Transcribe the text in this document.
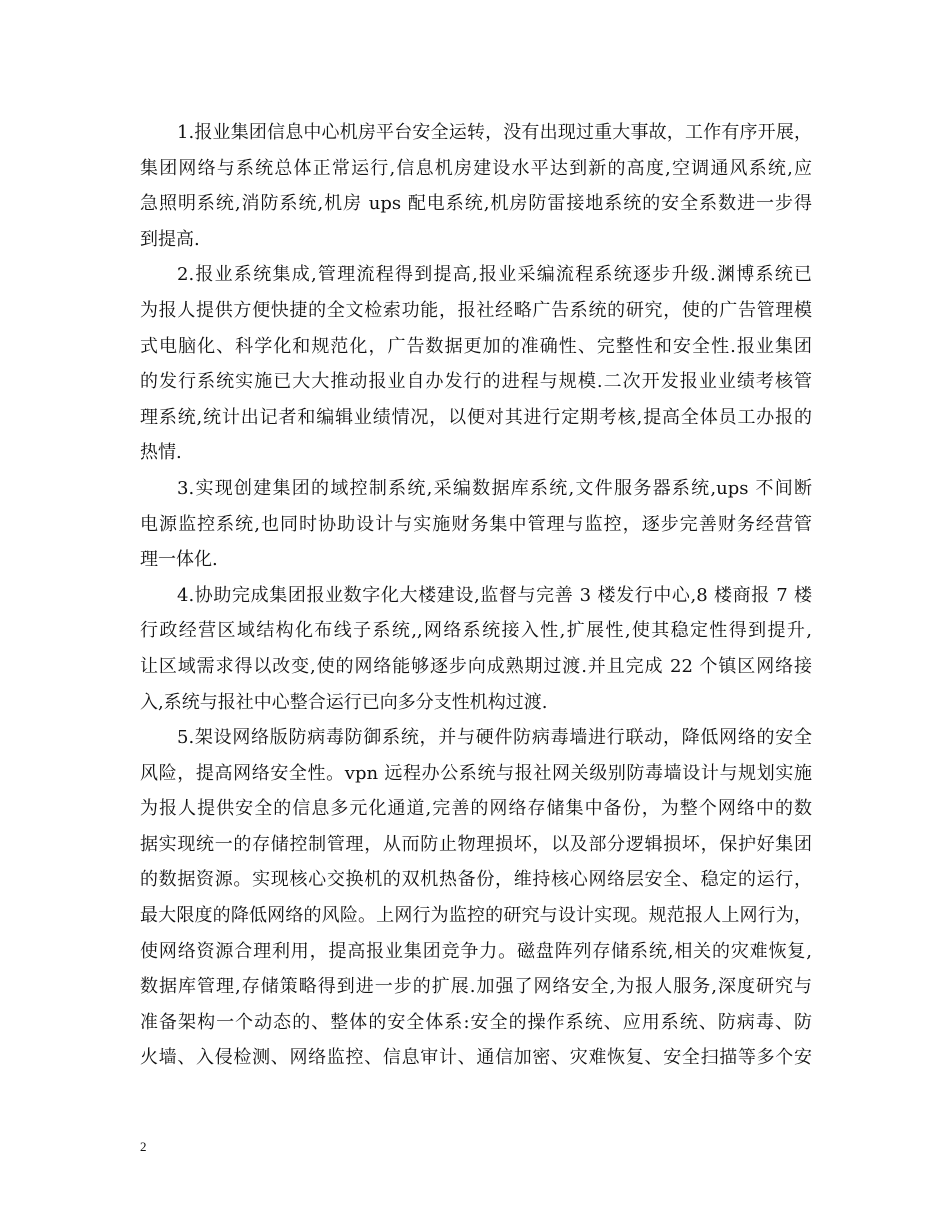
1.报业集团信息中心机房平台安全运转，没有出现过重大事故，工作有序开展，
集团网络与系统总体正常运行,信息机房建设水平达到新的高度,空调通风系统,应
急照明系统,消防系统,机房 ups 配电系统,机房防雷接地系统的安全系数进一步得
到提高.
2.报业系统集成,管理流程得到提高,报业采编流程系统逐步升级.渊博系统已
为报人提供方便快捷的全文检索功能，报社经略广告系统的研究，使的广告管理模
式电脑化、科学化和规范化，广告数据更加的准确性、完整性和安全性.报业集团
的发行系统实施已大大推动报业自办发行的进程与规模.二次开发报业业绩考核管
理系统,统计出记者和编辑业绩情况，以便对其进行定期考核,提高全体员工办报的
热情.
3.实现创建集团的域控制系统,采编数据库系统,文件服务器系统,ups 不间断
电源监控系统,也同时协助设计与实施财务集中管理与监控，逐步完善财务经营管
理一体化.
4.协助完成集团报业数字化大楼建设,监督与完善 3 楼发行中心,8 楼商报 7 楼
行政经营区域结构化布线子系统,,网络系统接入性,扩展性,使其稳定性得到提升,
让区域需求得以改变,使的网络能够逐步向成熟期过渡.并且完成 22 个镇区网络接
入,系统与报社中心整合运行已向多分支性机构过渡.
5.架设网络版防病毒防御系统，并与硬件防病毒墙进行联动，降低网络的安全
风险，提高网络安全性。vpn 远程办公系统与报社网关级别防毒墙设计与规划实施
为报人提供安全的信息多元化通道,完善的网络存储集中备份，为整个网络中的数
据实现统一的存储控制管理，从而防止物理损坏，以及部分逻辑损坏，保护好集团
的数据资源。实现核心交换机的双机热备份，维持核心网络层安全、稳定的运行，
最大限度的降低网络的风险。上网行为监控的研究与设计实现。规范报人上网行为，
使网络资源合理利用，提高报业集团竞争力。磁盘阵列存储系统,相关的灾难恢复,
数据库管理,存储策略得到进一步的扩展.加强了网络安全,为报人服务,深度研究与
准备架构一个动态的、整体的安全体系:安全的操作系统、应用系统、防病毒、防
火墙、入侵检测、网络监控、信息审计、通信加密、灾难恢复、安全扫描等多个安
2
